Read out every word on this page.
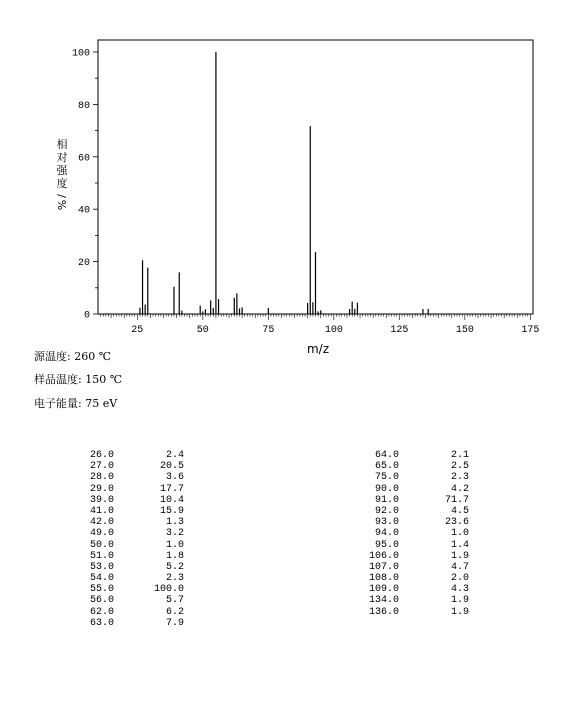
25	50	75	100	125	150	175
0
20
40
60
80
100
m/z
相
对
强
度
/
%
源温度: 260 ℃
样品温度: 150 ℃
电子能量: 75 eV
26.0	2.4
27.0	20.5
28.0	3.6
29.0	17.7
39.0	10.4
41.0	15.9
42.0	1.3
49.0	3.2
50.0	1.0
51.0	1.8
53.0	5.2
54.0	2.3
55.0	100.0
56.0	5.7
62.0	6.2
63.0	7.9
64.0	2.1
65.0	2.5
75.0	2.3
90.0	4.2
91.0	71.7
92.0	4.5
93.0	23.6
94.0	1.0
95.0	1.4
106.0	1.9
107.0	4.7
108.0	2.0
109.0	4.3
134.0	1.9
136.0	1.9
